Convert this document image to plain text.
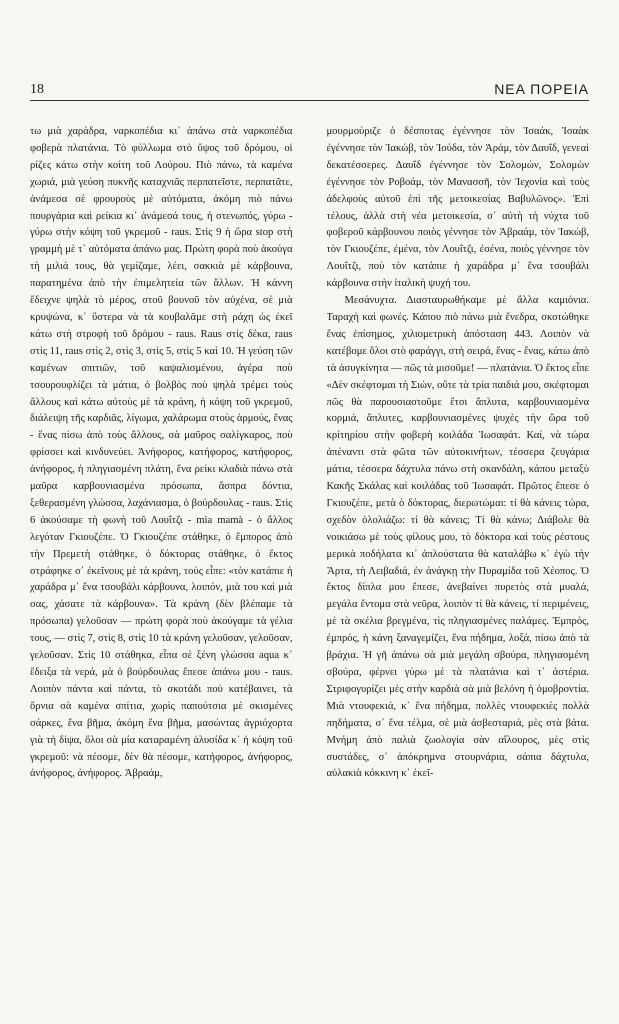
18	ΝΕΑ ΠΟΡΕΙΑ

τω μιὰ χαράδρα, ναρκοπέδια κι᾽ ἀπάνω στὰ ναρκοπέδια φοβερὰ πλατάνια. Τὸ φύλλωμα στὸ ὕψος τοῦ δρόμου, οἱ ρίζες κάτω στὴν κοίτη τοῦ Λούρου. Πιὸ πάνω, τὰ καμένα χωριά, μιὰ γεύση πυκνῆς καταχνιᾶς περπατεῖστε, περπατᾶτε, ἀνάμεσα σὲ φρουροὺς μὲ αὐτόματα, ἀκόμη πιὸ πάνω πουργάρια καὶ ρείκια κι᾽ ἀνάμεσά τους, ἡ στενωπός, γύρω - γύρω στὴν κόψη τοῦ γκρεμοῦ - raus. Στὶς 9 ἡ ὥρα stop στὴ γραμμὴ μὲ τ᾽ αὐτόματα ἀπάνω μας. Πρώτη φορὰ ποὺ ἀκούγα τὴ μιλιά τους, θὰ γεμίζαμε, λέει, σακκιὰ μὲ κάρβουνα, παρατημένα ἀπὸ τὴν ἐπιμελητεία τῶν ἄλλων. Ἡ κάννη ἔδειχνε ψηλὰ τὸ μέρος, στοῦ βουνοῦ τὸν αὐχένα, σὲ μιὰ κρυψώνα, κ᾽ ὕστερα νὰ τὰ κουβαλᾶμε στὴ ράχη ὡς ἐκεῖ κάτω στὴ στροφὴ τοῦ δρόμου - raus. Raus στὶς δέκα, raus στὶς 11, raus στὶς 2, στὶς 3, στὶς 5, στὶς 5 καὶ 10. Ἡ γεύση τῶν καμένων σπιτιῶν, τοῦ καψαλισμένου, ἀγέρα ποὺ τσουρουφλίζει τὰ μάτια, ὁ βολβὸς ποὺ ψηλὰ τρέμει τοὺς ἄλλους καὶ κάτω αὐτοὺς μὲ τὰ κράνη, ἡ κόψη τοῦ γκρεμοῦ, διάλειψη τῆς καρδιᾶς, λίγωμα, χαλάρωμα στοὺς ἁρμούς, ἕνας - ἕνας πίσω ἀπὸ τοὺς ἄλλους, σὰ μαῦρος σαλίγκαρος, ποὺ φρίσσει καὶ κινδυνεύει. Ἀνήφορος, κατήφορος, κατήφορος, ἀνήφορος, ἡ πληγιασμένη πλάτη, ἕνα ρείκι κλαδιὰ πάνω στὰ μαῦρα καρβουνιασμένα πρόσωπα, ἄσπρα δόντια, ξεθερασμένη γλώσσα, λαχάνιασμα, ὁ βούρδουλας - raus. Στὶς 6 ἀκούσαμε τὴ φωνὴ τοῦ Λουΐτζι - mia mamà - ὁ ἄλλος λεγόταν Γκιουζέπε. Ὁ Γκιουζέπε στάθηκε, ὁ ἔμπορος ἀπὸ τὴν Πρεμετὴ στάθηκε, ὁ δόκτορας στάθηκε, ὁ ἔκτος στράφηκε σ᾽ ἐκεῖνους μὲ τὰ κράνη, τοὺς εἶπε: «τὸν κατάπιε ἡ χαράδρα μ᾽ ἕνα τσουβάλι κάρβουνα, λοιπόν, μιὰ του καὶ μιὰ σας, χάσατε τὰ κάρβουνα». Τὰ κράνη (δὲν βλέπαμε τὰ πρόσωπα) γελοῦσαν — πρώτη φορὰ ποὺ ἀκούγαμε τὰ γέλια τους, — στὶς 7, στὶς 8, στὶς 10 τὰ κράνη γελοῦσαν, γελοῦσαν, γελοῦσαν. Στὶς 10 στάθηκα, εἶπα σὲ ξένη γλώσσα aqua κ᾽ ἔδειξα τὰ νερά, μὰ ὁ βούρδουλας ἔπεσε ἀπάνω μου - raus. Λοιπὸν πάντα καὶ πάντα, τὸ σκοτάδι ποὺ κατέβαινει, τὰ ὄρνια σὰ καμένα σπίτια, χωρὶς παπούτσια μὲ σκισμένες σάρκες, ἕνα βῆμα, ἀκόμη ἕνα βῆμα, μασώντας ἀγριόχορτα γιὰ τὴ δίψα, ὅλοι σὰ μία καταραμένη ἁλυσίδα κ᾽ ἡ κόψη τοῦ γκρεμοῦ: νὰ πέσομε, δὲν θὰ πέσομε, κατήφορος, ἀνήφορος, ἀνήφορος, ἀνήφορος. Ἀβραάμ,

μουρμούριζε ὁ δέσποτας ἐγέννησε τὸν Ἰσαάκ, Ἰσαὰκ ἐγέννησε τὸν Ἰακώβ, τὸν Ἰούδα, τὸν Ἀράμ, τὸν Δαυΐδ, γενεαὶ δεκατέσσερες. Δαυΐδ ἐγέννησε τὸν Σολομών, Σολομὼν ἐγέννησε τὸν Ροβοάμ, τὸν Μανασσῆ, τὸν Ἰεχονία καὶ τοὺς ἀδελφοὺς αὐτοῦ ἐπὶ τῆς μετοικεσίας Βαβυλῶνος». Ἐπὶ τέλους, ἀλλὰ στὴ νέα μετοικεσία, σ᾽ αὐτὴ τὴ νύχτα τοῦ φοβεροῦ κάρβουνου ποιὸς γέννησε τὸν Ἀβραάμ, τὸν Ἰακώβ, τὸν Γκιουζέπε, ἐμένα, τὸν Λουΐτζι, ἐσένα, ποιὸς γέννησε τὸν Λουΐτζι, ποὺ τὸν κατάπιε ἡ χαράδρα μ᾽ ἕνα τσουβάλι κάρβουνα στὴν ἰταλικὴ ψυχή του.

Μεσάνυχτα. Διασταυρωθήκαμε μὲ ἄλλα καμιόνια. Ταραχὴ καὶ φωνές. Κάπου πιὸ πάνω μιὰ ἔνεδρα, σκοτώθηκε ἕνας ἐπίσημος, χιλιομετρικὴ ἀπόσταση 443. Λοιπὸν νὰ κατέβομε ὅλοι στὸ φαράγγι, στὴ σειρά, ἕνας - ἕνας, κάτω ἀπὸ τὰ ἀσυγκίνητα — πῶς τὰ μισοῦμε! — πλατάνια. Ὁ ἔκτος εἶπε «Δὲν σκέφτομαι τὴ Σιών, οὔτε τὰ τρία παιδιά μου, σκέφτομαι πῶς θὰ παρουσιαστοῦμε ἔτσι ἄπλυτα, καρβουνιασμένα κορμιά, ἄπλυτες, καρβουνιασμένες ψυχὲς τὴν ὥρα τοῦ κρίτηρίου στὴν φοβερὴ κοιλάδα Ἰωσαφάτ. Καί, νὰ τώρα ἀπέναντι στὰ φῶτα τῶν αὐτοκινήτων, τέσσερα ζευγάρια μάτια, τέσσερα δάχτυλα πάνω στὴ σκανδάλη, κάπου μεταξὺ Κακῆς Σκάλας καὶ κοιλάδας τοῦ Ἰωσαφάτ. Πρῶτος ἔπεσε ὁ Γκιουζέπε, μετὰ ὁ δόκτορας, διερωτώμαι: τί θὰ κάνεις τώρα, σχεδὸν ὀλολιάζω: τί θὰ κάνεις; Τί θὰ κάνω; Διάβολε θὰ νοικιάσω μὲ τοὺς φίλους μου, τὸ δόκτορα καὶ τοὺς ρέστους μερικὰ ποδήλατα κι᾽ ἁπλούστατα θὰ καταλάβω κ᾽ ἐγὼ τὴν Ἄρτα, τὴ Λειβαδιά, ἐν ἀνάγκῃ τὴν Πυραμίδα τοῦ Χέοπος. Ὁ ἔκτος δίπλα μου ἔπεσε, ἀνεβαίνει πυρετὸς στὰ μυαλά, μεγάλα ἔντομα στὰ νεῦρα, λοιπὸν τί θὰ κάνεις, τί περιμένεις, μὲ τὰ σκέλια βρεγμένα, τὶς πληγιασμένες παλάμες. Ἐμπρός, ἐμπρός, ἡ κάνη ξαναγεμίζει, ἕνα πήδημα, λοξά, πίσω ἀπὸ τὰ βράχια. Ἡ γῆ ἀπάνω σὰ μιὰ μεγάλη σβούρα, πληγιασμένη σβούρα, φέρνει γύρω μὲ τὰ πλατάνια καὶ τ᾽ ἀστέρια. Στριφογυρίζει μὲς στὴν καρδιὰ σὰ μιὰ βελόνη ἡ ὁμοβροντία. Μιὰ ντουφεκιά, κ᾽ ἕνα πήδημα, πολλὲς ντουφεκιὲς πολλὰ πηδήματα, σ᾽ ἕνα τέλμα, σὲ μιὰ ἀσβεσταριά, μὲς στὰ βάτα. Μνήμη ἀπὸ παλιὰ ζωολογία σὰν αἴλουρος, μὲς στὶς συστάδες, σ᾽ ἀπόκρημνα στουρνάρια, σάπια δάχτυλα, αὐλακιὰ κόκκινη κ᾽ ἐκεῖ-
